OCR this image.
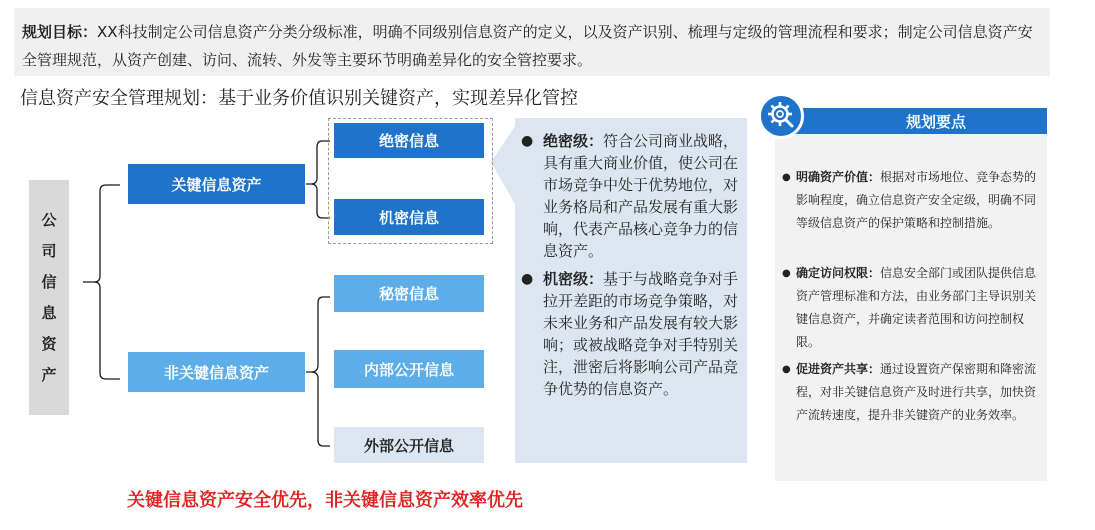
规划目标：XX科技制定公司信息资产分类分级标准，明确不同级别信息资产的定义，以及资产识别、梳理与定级的管理流程和要求；制定公司信息资产安全管理规范，从资产创建、访问、流转、外发等主要环节明确差异化的安全管控要求。
信息资产安全管理规划：基于业务价值识别关键资产，实现差异化管控
公
司
信
息
资
产
关键信息资产
非关键信息资产
绝密信息
机密信息
秘密信息
内部公开信息
外部公开信息
● 绝密级：符合公司商业战略，具有重大商业价值，使公司在市场竞争中处于优势地位，对业务格局和产品发展有重大影响，代表产品核心竞争力的信息资产。
● 机密级：基于与战略竞争对手拉开差距的市场竞争策略，对未来业务和产品发展有较大影响；或被战略竞争对手特别关注，泄密后将影响公司产品竞争优势的信息资产。
规划要点
● 明确资产价值：根据对市场地位、竞争态势的影响程度，确立信息资产安全定级，明确不同等级信息资产的保护策略和控制措施。
● 确定访问权限：信息安全部门或团队提供信息资产管理标准和方法，由业务部门主导识别关键信息资产，并确定读者范围和访问控制权限。
● 促进资产共享：通过设置资产保密期和降密流程，对非关键信息资产及时进行共享，加快资产流转速度，提升非关键资产的业务效率。
关键信息资产安全优先，非关键信息资产效率优先
